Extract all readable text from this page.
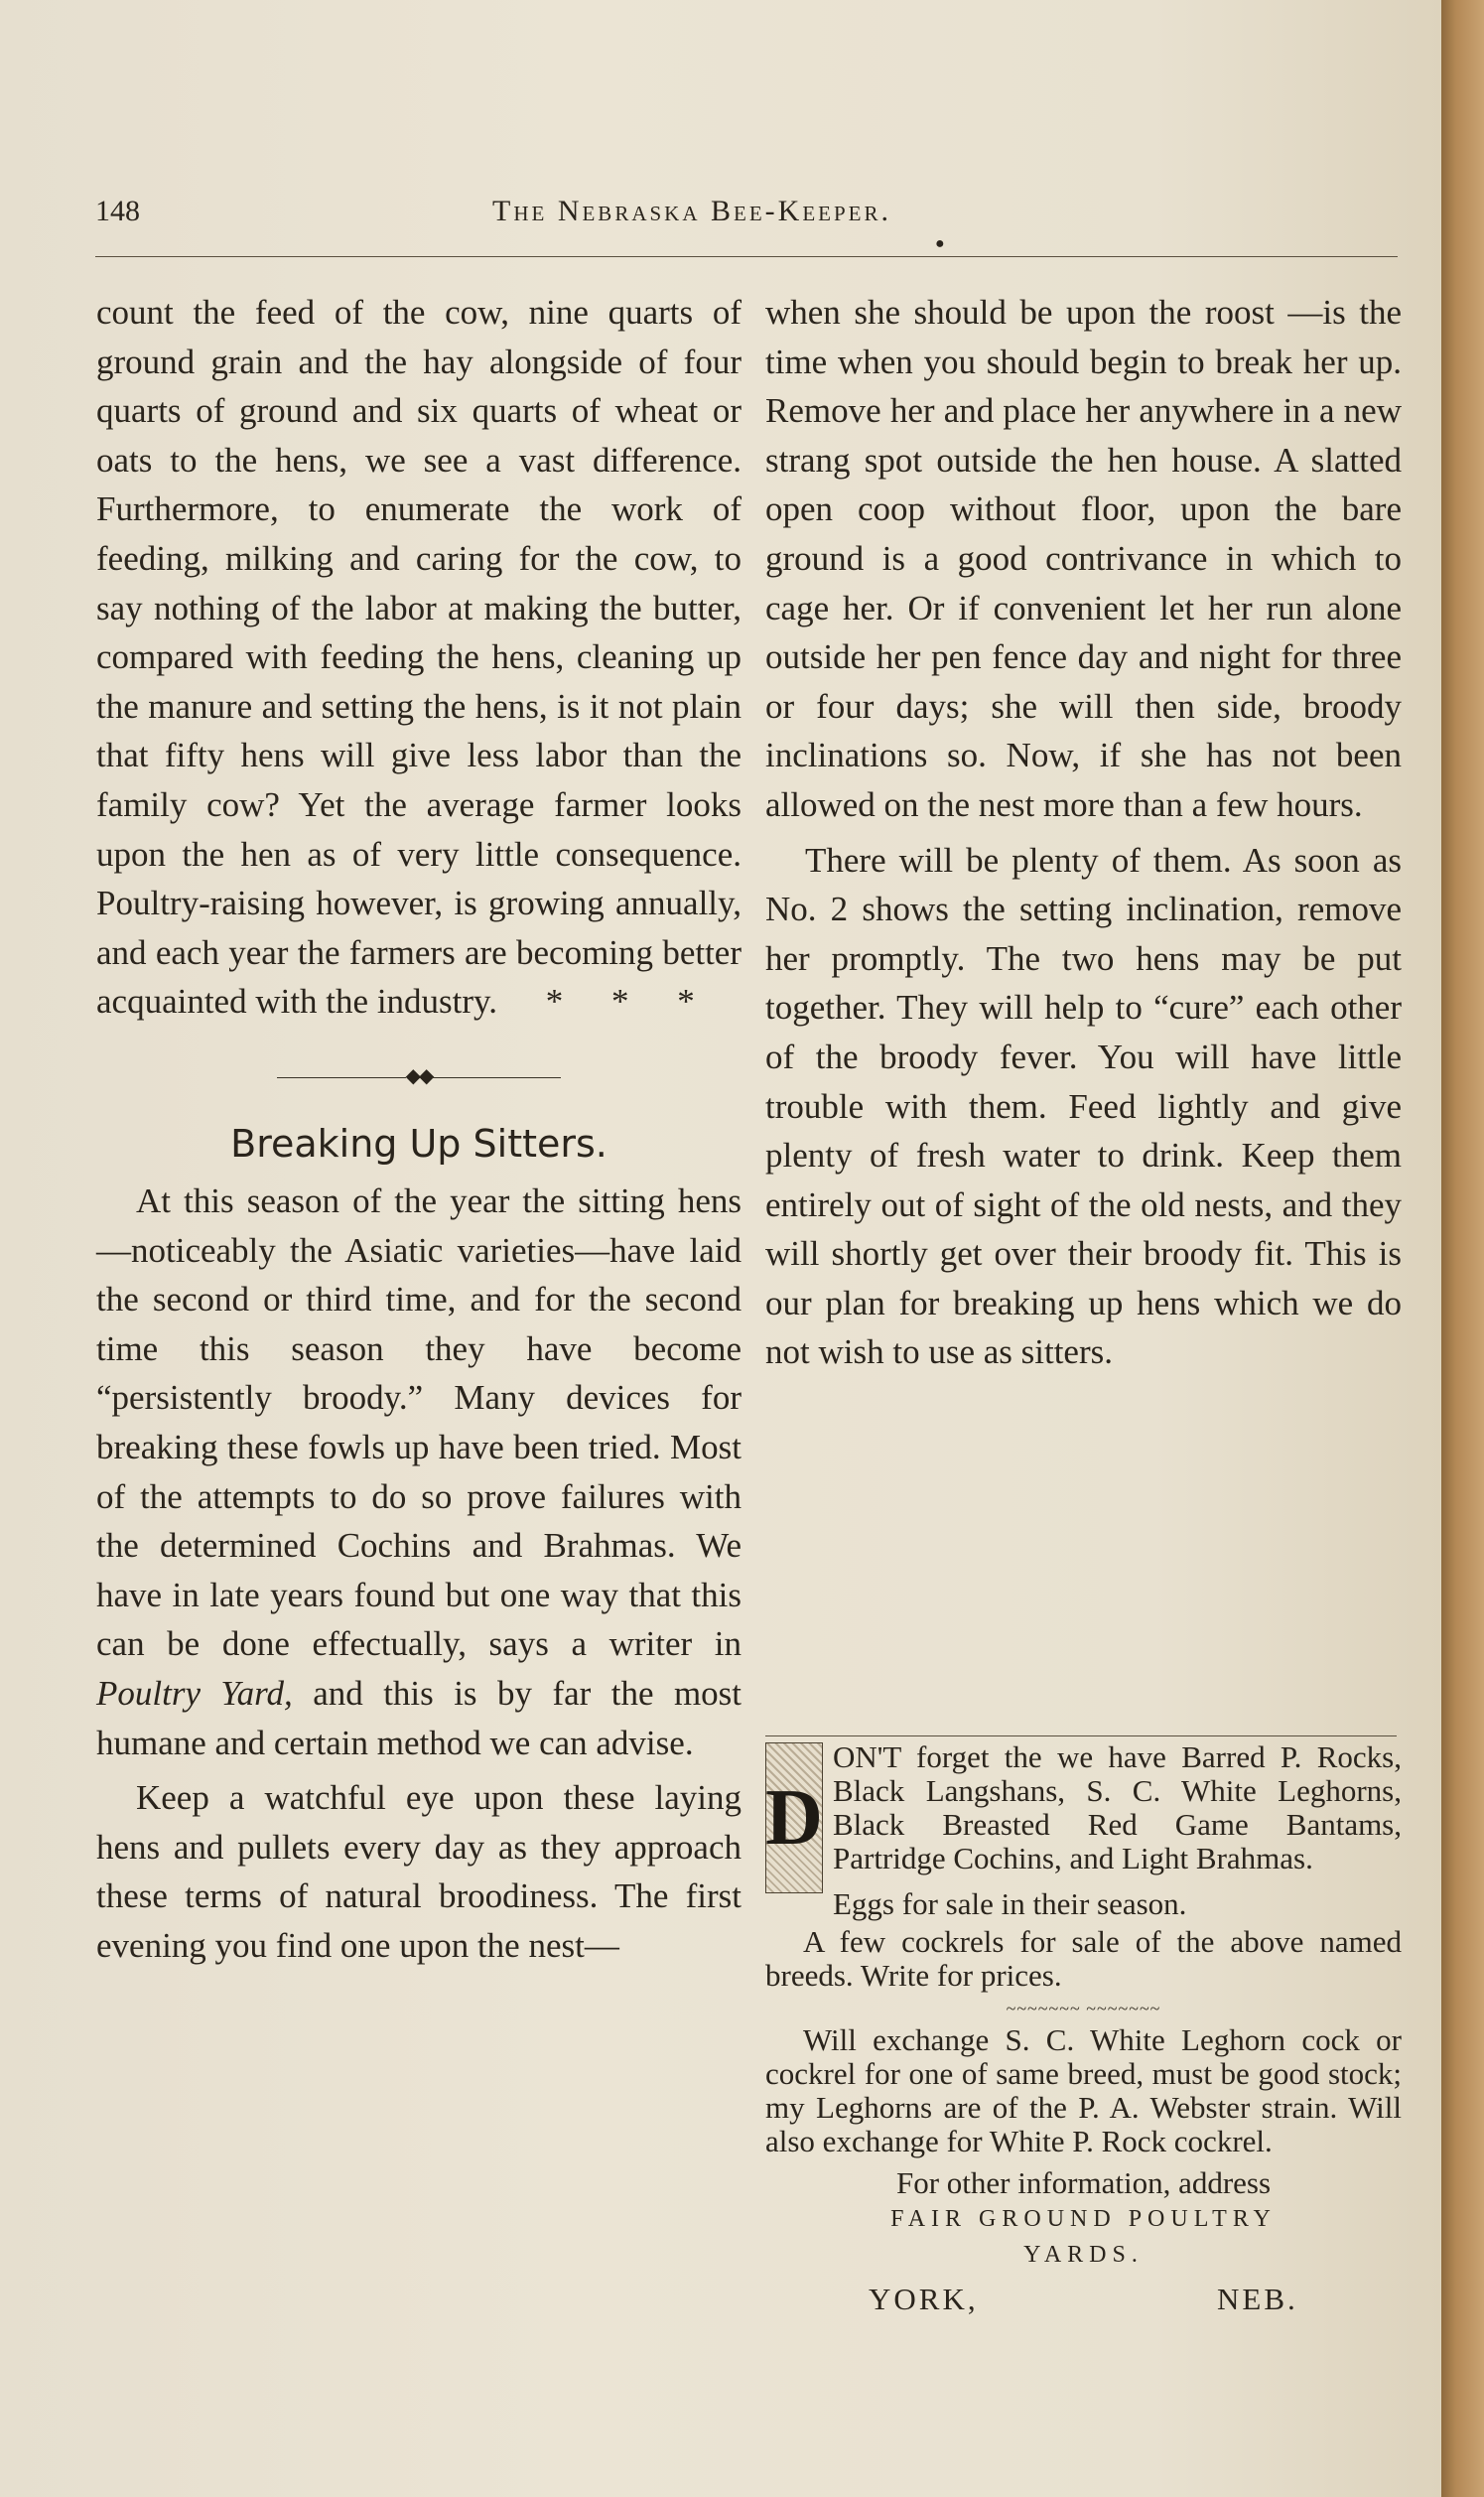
148	The Nebraska Bee-Keeper.
●

count the feed of the cow, nine quarts of ground grain and the hay alongside of four quarts of ground and six quarts of wheat or oats to the hens, we see a vast difference. Furthermore, to enumerate the work of feeding, milking and caring for the cow, to say nothing of the labor at making the butter, compared with feeding the hens, cleaning up the manure and setting the hens, is it not plain that fifty hens will give less labor than the family cow? Yet the average farmer looks upon the hen as of very little consequence. Poultry-raising however, is growing annually, and each year the farmers are becoming better acquainted with the industry. * * *

◆◆
Breaking Up Sitters.

At this season of the year the sitting hens—noticeably the Asiatic varieties—have laid the second or third time, and for the second time this season they have become “persistently broody.” Many devices for breaking these fowls up have been tried. Most of the attempts to do so prove failures with the determined Cochins and Brahmas. We have in late years found but one way that this can be done effectually, says a writer in Poultry Yard, and this is by far the most humane and certain method we can advise.

Keep a watchful eye upon these laying hens and pullets every day as they approach these terms of natural broodiness. The first evening you find one upon the nest—

when she should be upon the roost —is the time when you should begin to break her up. Remove her and place her anywhere in a new strang spot outside the hen house. A slatted open coop without floor, upon the bare ground is a good contrivance in which to cage her. Or if convenient let her run alone outside her pen fence day and night for three or four days; she will then side, broody inclinations so. Now, if she has not been allowed on the nest more than a few hours.

There will be plenty of them. As soon as No. 2 shows the setting inclination, remove her promptly. The two hens may be put together. They will help to “cure” each other of the broody fever. You will have little trouble with them. Feed lightly and give plenty of fresh water to drink. Keep them entirely out of sight of the old nests, and they will shortly get over their broody fit. This is our plan for breaking up hens which we do not wish to use as sitters.

D
ON'T forget the we have Barred P. Rocks, Black Langshans, S. C. White Leghorns, Black Breasted Red Game Bantams, Partridge Cochins, and Light Brahmas.

Eggs for sale in their season.

A few cockrels for sale of the above named breeds. Write for prices.

~~~~~~~ ~~~~~~~

Will exchange S. C. White Leghorn cock or cockrel for one of same breed, must be good stock; my Leghorns are of the P. A. Webster strain. Will also exchange for White P. Rock cockrel.

For other information, address

FAIR GROUND POULTRY

YARDS.

YORK,	NEB.
